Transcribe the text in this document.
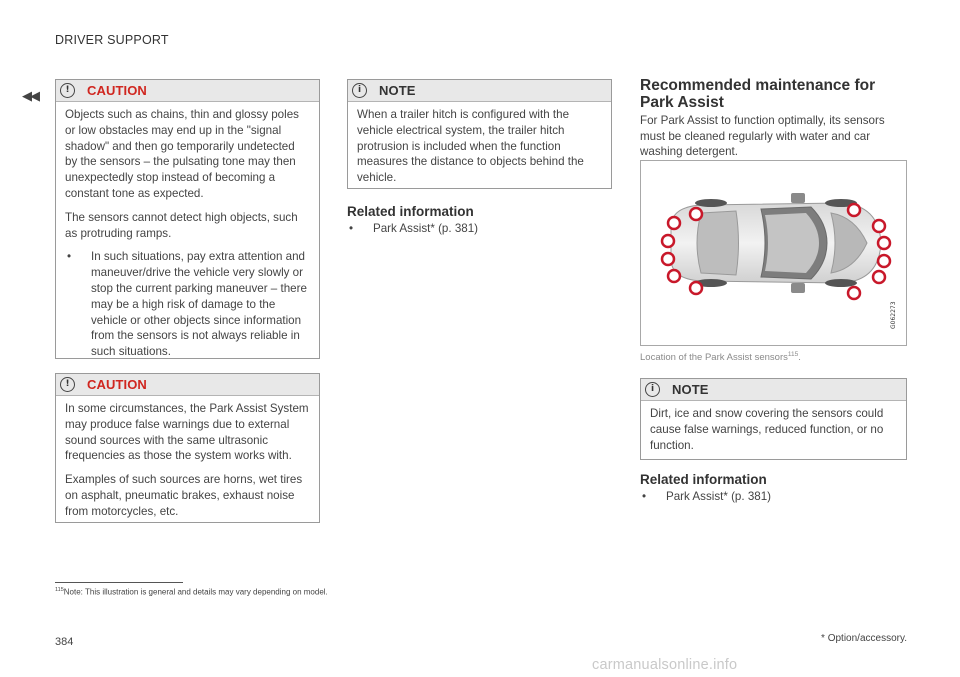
DRIVER SUPPORT
◀◀	!	CAUTION

Objects such as chains, thin and glossy poles or low obstacles may end up in the "signal shadow" and then go temporarily undetected by the sensors – the pulsating tone may then unexpectedly stop instead of becoming a constant tone as expected.

The sensors cannot detect high objects, such as protruding ramps.

•	In such situations, pay extra attention and maneuver/drive the vehicle very slowly or stop the current parking maneuver – there may be a high risk of damage to the vehicle or other objects since information from the sensors is not always reliable in such situations.
!	CAUTION

In some circumstances, the Park Assist System may produce false warnings due to external sound sources with the same ultrasonic frequencies as those the system works with.

Examples of such sources are horns, wet tires on asphalt, pneumatic brakes, exhaust noise from motorcycles, etc.

i	NOTE

When a trailer hitch is configured with the vehicle electrical system, the trailer hitch protrusion is included when the function measures the distance to objects behind the vehicle.

Related information
•	Park Assist* (p. 381)
Recommended maintenance for
Park Assist
For Park Assist to function optimally, its sensors must be cleaned regularly with water and car washing detergent.
G062273
Location of the Park Assist sensors$^{115}$.
i	NOTE

Dirt, ice and snow covering the sensors could cause false warnings, reduced function, or no function.

Related information
•	Park Assist* (p. 381)
$^{115}$Note: This illustration is general and details may vary depending on model.
384	* Option/accessory.
carmanualsonline.info
